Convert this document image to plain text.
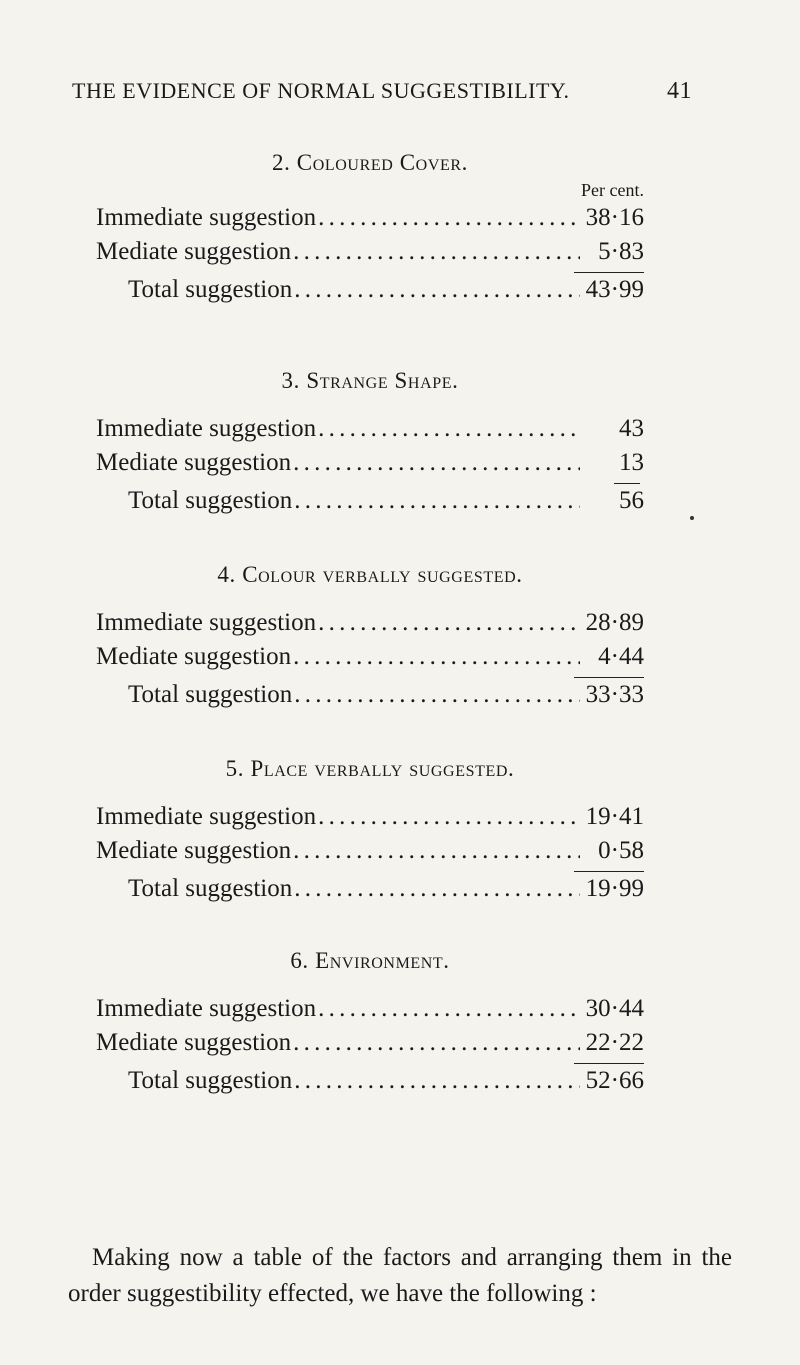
THE EVIDENCE OF NORMAL SUGGESTIBILITY.	41
2. Coloured Cover.
Per cent.
Immediate suggestion . . .	38·16
Mediate suggestion . . .	5·83
Total suggestion . . .	43·99
3. Strange Shape.
Immediate suggestion . . .	43
Mediate suggestion . . .	13
Total suggestion . . .	56
4. Colour verbally suggested.
Immediate suggestion . . .	28·89
Mediate suggestion . . .	4·44
Total suggestion . . .	33·33
5. Place verbally suggested.
Immediate suggestion . . .	19·41
Mediate suggestion . . .	0·58
Total suggestion . . .	19·99
6. Environment.
Immediate suggestion . . .	30·44
Mediate suggestion . . .	22·22
Total suggestion . . .	52·66
Making now a table of the factors and arranging them in the order suggestibility effected, we have the following :
